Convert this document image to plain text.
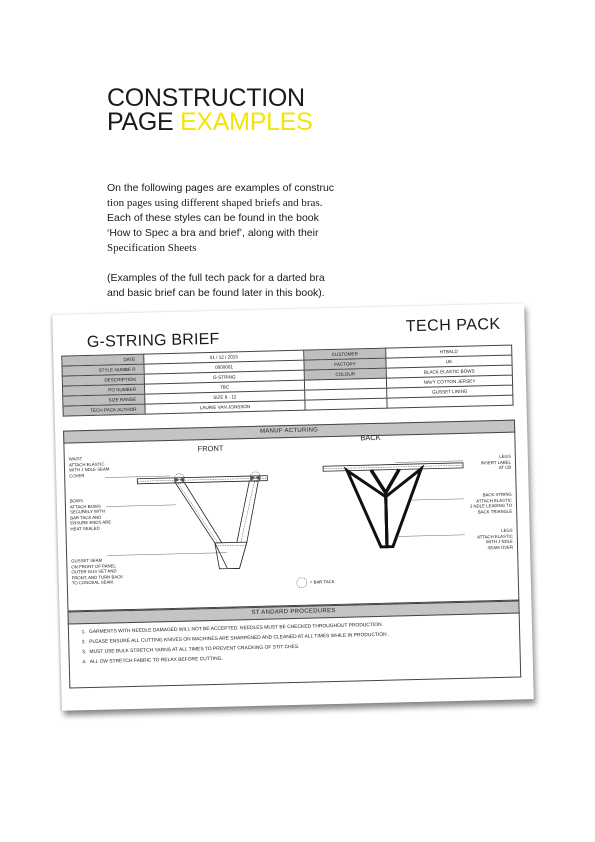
CONSTRUCTION
PAGE EXAMPLES

On the following pages are examples of construc
tion pages using different shaped briefs and bras.
Each of these styles can be found in the book
‘How to Spec a bra and brief’, along with their
Specification Sheets

(Examples of the full tech pack for a darted bra
and basic brief can be found later in this book).

G-STRING BRIEF
TECH PACK
DATE	01 / 12 / 2015	CUSTOMER	HTBALD
STYLE NUMBE R	0000001	FACTORY	UK
DESCRIPTION	G-STRING	COLOUR	BLACK ELASTIC BOWS
PO NUMBER	TBC		NAVY COTTON JERSEY
SIZE RANGE	SIZE 8 - 12		GUSSET LINING
TECH PACK AUTHOR	LAURIE VAN JONSSON		
MANUF ACTURING
FRONT
BACK
WAIST
ATTACH ELASTIC
WITH J NDLE SEAM
COVER
BOWS
ATTACH BOWS
SECURELY WITH
BAR TACK AND
ENSURE ENDS ARE
HEAT SEALED
GUSSET SEAM
ON FRONT OF PANEL
OUTER GUS SET AND
FRONT, AND TURN BACK
TO CONCEAL SEAM.
LEGS
INSERT LABEL
AT CB
BACK STRING
ATTACH ELASTIC
2 NDLE LEADING TO
BACK TRIANGLE
LEGS
ATTACH ELASTIC
WITH J NDLE
SEAM OVER
= BAR TACK
ST ANDARD PROCEDURES
1. GARMENTS WITH NEEDLE DAMAGED WILL NOT BE ACCEPTED. NEEDLES MUST BE CHECKED THROUGHOUT PRODUCTION.
2. PLEASE ENSURE ALL CUTTING KNIVES ON MACHINES ARE SHARPENED AND CLEANED AT ALL TIMES WHILE IN PRODUCTION .
3. MUST USE BULK STRETCH YARNS AT ALL TIMES TO PREVENT CRACKING OF STIT CHES.
4. ALL OW STRETCH FABRIC TO RELAX BEFORE CUTTING.
